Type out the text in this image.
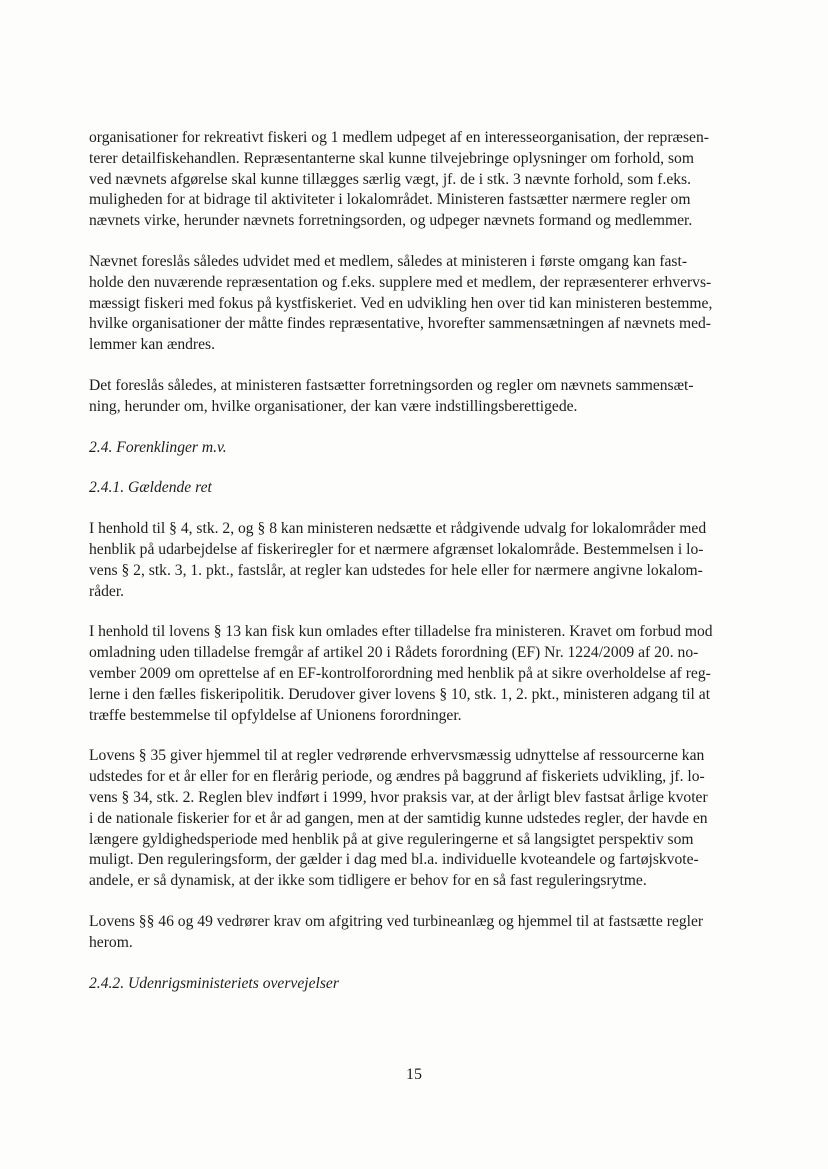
organisationer for rekreativt fiskeri og 1 medlem udpeget af en interesseorganisation, der repræsen-
terer detailfiskehandlen. Repræsentanterne skal kunne tilvejebringe oplysninger om forhold, som
ved nævnets afgørelse skal kunne tillægges særlig vægt, jf. de i stk. 3 nævnte forhold, som f.eks.
muligheden for at bidrage til aktiviteter i lokalområdet. Ministeren fastsætter nærmere regler om
nævnets virke, herunder nævnets forretningsorden, og udpeger nævnets formand og medlemmer.
Nævnet foreslås således udvidet med et medlem, således at ministeren i første omgang kan fast-
holde den nuværende repræsentation og f.eks. supplere med et medlem, der repræsenterer erhvervs-
mæssigt fiskeri med fokus på kystfiskeriet. Ved en udvikling hen over tid kan ministeren bestemme,
hvilke organisationer der måtte findes repræsentative, hvorefter sammensætningen af nævnets med-
lemmer kan ændres.
Det foreslås således, at ministeren fastsætter forretningsorden og regler om nævnets sammensæt-
ning, herunder om, hvilke organisationer, der kan være indstillingsberettigede.
2.4. Forenklinger m.v.
2.4.1. Gældende ret
I henhold til § 4, stk. 2, og § 8 kan ministeren nedsætte et rådgivende udvalg for lokalområder med
henblik på udarbejdelse af fiskeriregler for et nærmere afgrænset lokalområde. Bestemmelsen i lo-
vens § 2, stk. 3, 1. pkt., fastslår, at regler kan udstedes for hele eller for nærmere angivne lokalom-
råder.
I henhold til lovens § 13 kan fisk kun omlades efter tilladelse fra ministeren. Kravet om forbud mod
omladning uden tilladelse fremgår af artikel 20 i Rådets forordning (EF) Nr. 1224/2009 af 20. no-
vember 2009 om oprettelse af en EF-kontrolforordning med henblik på at sikre overholdelse af reg-
lerne i den fælles fiskeripolitik. Derudover giver lovens § 10, stk. 1, 2. pkt., ministeren adgang til at
træffe bestemmelse til opfyldelse af Unionens forordninger.
Lovens § 35 giver hjemmel til at regler vedrørende erhvervsmæssig udnyttelse af ressourcerne kan
udstedes for et år eller for en flerårig periode, og ændres på baggrund af fiskeriets udvikling, jf. lo-
vens § 34, stk. 2. Reglen blev indført i 1999, hvor praksis var, at der årligt blev fastsat årlige kvoter
i de nationale fiskerier for et år ad gangen, men at der samtidig kunne udstedes regler, der havde en
længere gyldighedsperiode med henblik på at give reguleringerne et så langsigtet perspektiv som
muligt. Den reguleringsform, der gælder i dag med bl.a. individuelle kvoteandele og fartøjskvote-
andele, er så dynamisk, at der ikke som tidligere er behov for en så fast reguleringsrytme.
Lovens §§ 46 og 49 vedrører krav om afgitring ved turbineanlæg og hjemmel til at fastsætte regler
herom.
2.4.2. Udenrigsministeriets overvejelser
15
